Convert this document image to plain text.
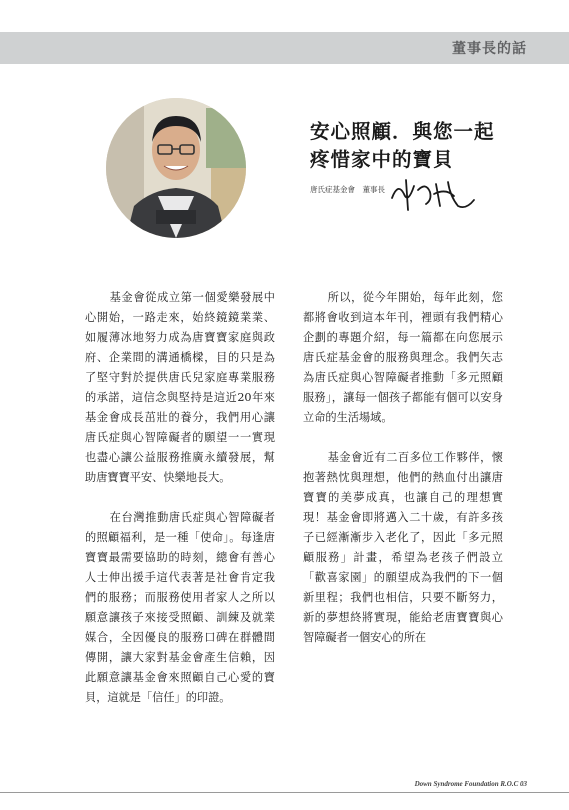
董事長的話
安心照顧．與您一起
疼惜家中的寶貝
唐氏症基金會　董事長

基金會從成立第一個愛樂發展中心開始，一路走來，始終鏡鏡業業、如履薄冰地努力成為唐寶寶家庭與政府、企業間的溝通橋樑，目的只是為了堅守對於提供唐氏兒家庭專業服務的承諾，這信念與堅持是這近20年來基金會成長茁壯的養分，我們用心讓唐氏症與心智障礙者的願望一一實現也盡心讓公益服務推廣永續發展，幫助唐寶寶平安、快樂地長大。

在台灣推動唐氏症與心智障礙者的照顧福利，是一種「使命」。每逢唐寶寶最需要協助的時刻，總會有善心人士伸出援手這代表著是社會肯定我們的服務；而服務使用者家人之所以願意讓孩子來接受照顧、訓練及就業媒合，全因優良的服務口碑在群體間傳開，讓大家對基金會產生信賴，因此願意讓基金會來照顧自己心愛的寶貝，這就是「信任」的印證。

所以，從今年開始，每年此刻，您都將會收到這本年刊，裡頭有我們精心企劃的專題介紹，每一篇都在向您展示唐氏症基金會的服務與理念。我們矢志為唐氏症與心智障礙者推動「多元照顧服務」，讓每一個孩子都能有個可以安身立命的生活場域。

基金會近有二百多位工作夥伴，懷抱著熱忱與理想，他們的熱血付出讓唐寶寶的美夢成真，也讓自己的理想實現！基金會即將邁入二十歲，有許多孩子已經漸漸步入老化了，因此「多元照顧服務」計畫，希望為老孩子們設立「歡喜家園」的願望成為我們的下一個新里程；我們也相信，只要不斷努力，新的夢想終將實現，能給老唐寶寶與心智障礙者一個安心的所在

Down Syndrome Foundation R.O.C 03
